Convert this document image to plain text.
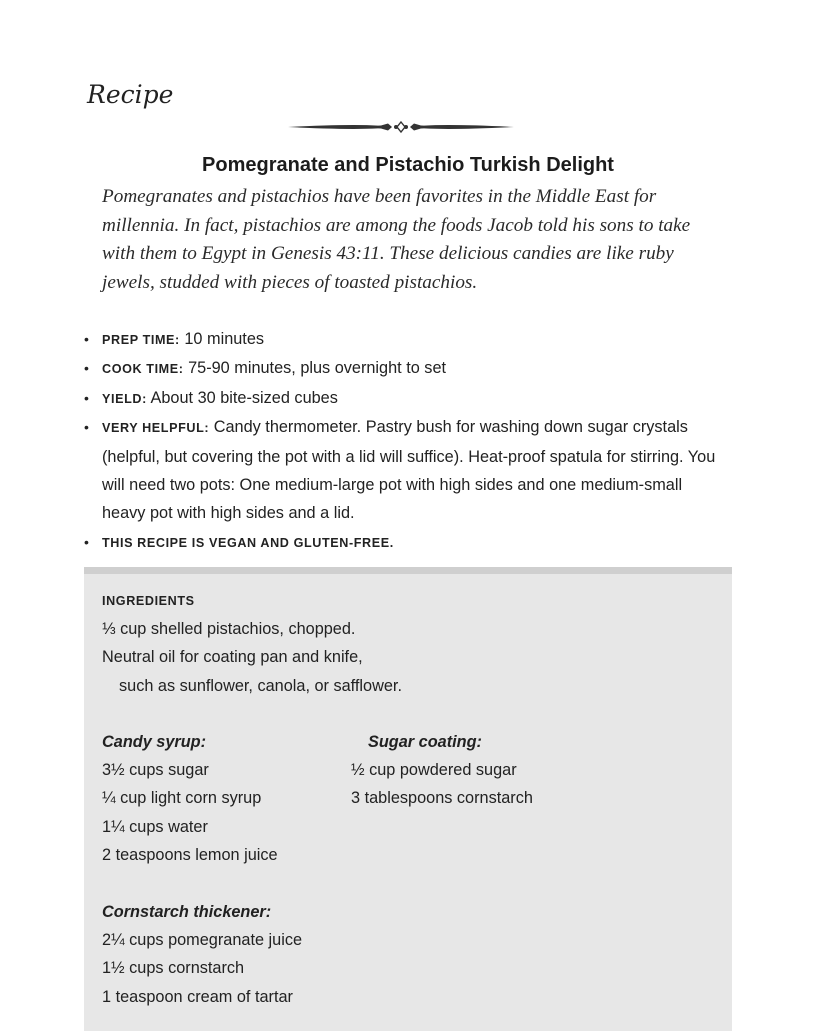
Recipe
Pomegranate and Pistachio Turkish Delight

Pomegranates and pistachios have been favorites in the Middle East for millennia. In fact, pistachios are among the foods Jacob told his sons to take with them to Egypt in Genesis 43:11. These delicious candies are like ruby jewels, studded with pieces of toasted pistachios.

• PREP TIME: 10 minutes
• COOK TIME: 75-90 minutes, plus overnight to set
• YIELD: About 30 bite-sized cubes
• VERY HELPFUL: Candy thermometer. Pastry bush for washing down sugar crystals (helpful, but covering the pot with a lid will suffice). Heat-proof spatula for stirring. You will need two pots: One medium-large pot with high sides and one medium-small heavy pot with high sides and a lid.
• THIS RECIPE IS VEGAN AND GLUTEN-FREE.
INGREDIENTS
⅓ cup shelled pistachios, chopped.
Neutral oil for coating pan and knife,
such as sunflower, canola, or safflower.
Candy syrup:
3½ cups sugar
¼ cup light corn syrup
1¼ cups water
2 teaspoons lemon juice
Sugar coating:
½ cup powdered sugar
3 tablespoons cornstarch
Cornstarch thickener:
2¼ cups pomegranate juice
1½ cups cornstarch
1 teaspoon cream of tartar
